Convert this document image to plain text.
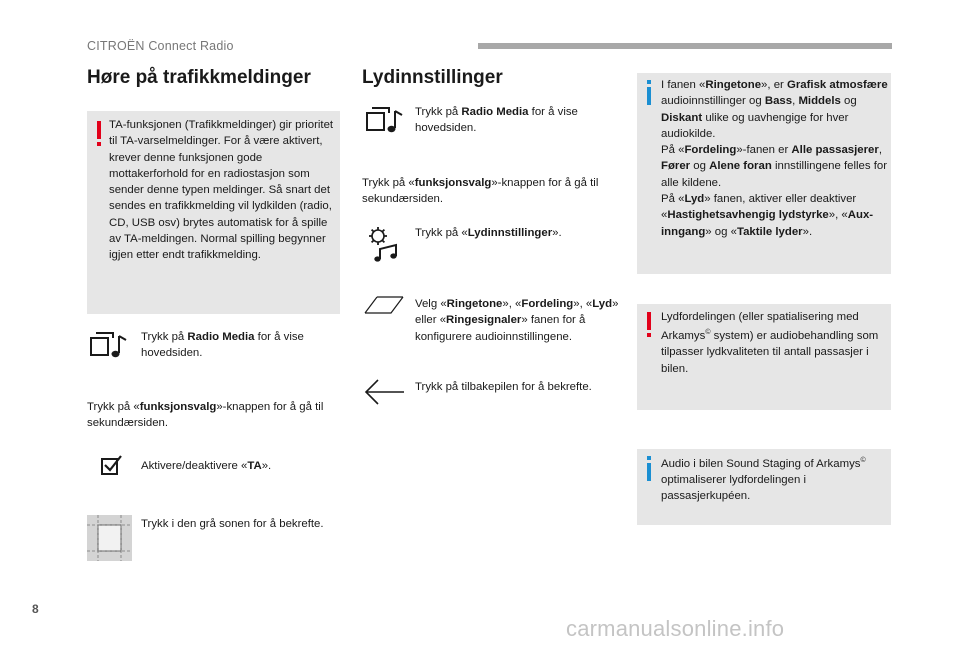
CITROËN Connect Radio
8
Høre på trafikkmeldinger
TA-funksjonen (Trafikkmeldinger) gir prioritet til TA-varselmeldinger. For å være aktivert, krever denne funksjonen gode mottakerforhold for en radiostasjon som sender denne typen meldinger. Så snart det sendes en trafikkmelding vil lydkilden (radio, CD, USB osv) brytes automatisk for å spille av TA-meldingen. Normal spilling begynner igjen etter endt trafikkmelding.
Trykk på Radio Media for å vise hovedsiden.
Trykk på «funksjonsvalg»-knappen for å gå til sekundærsiden.
Aktivere/deaktivere «TA».
Trykk i den grå sonen for å bekrefte.
Lydinnstillinger
Trykk på Radio Media for å vise hovedsiden.
Trykk på «funksjonsvalg»-knappen for å gå til sekundærsiden.
Trykk på «Lydinnstillinger».
Velg «Ringetone», «Fordeling», «Lyd» eller «Ringesignaler» fanen for å konfigurere audioinnstillingene.
Trykk på tilbakepilen for å bekrefte.
I fanen «Ringetone», er Grafisk atmosfære audioinnstillinger og Bass, Middels og Diskant ulike og uavhengige for hver audiokilde.
På «Fordeling»-fanen er Alle passasjerer, Fører og Alene foran innstillingene felles for alle kildene.
På «Lyd» fanen, aktiver eller deaktiver «Hastighetsavhengig lydstyrke», «Aux-inngang» og «Taktile lyder».
Lydfordelingen (eller spatialisering med Arkamys© system) er audiobehandling som tilpasser lydkvaliteten til antall passasjer i bilen.
Audio i bilen Sound Staging of Arkamys© optimaliserer lydfordelingen i passasjerkupéen.
carmanualsonline.info
